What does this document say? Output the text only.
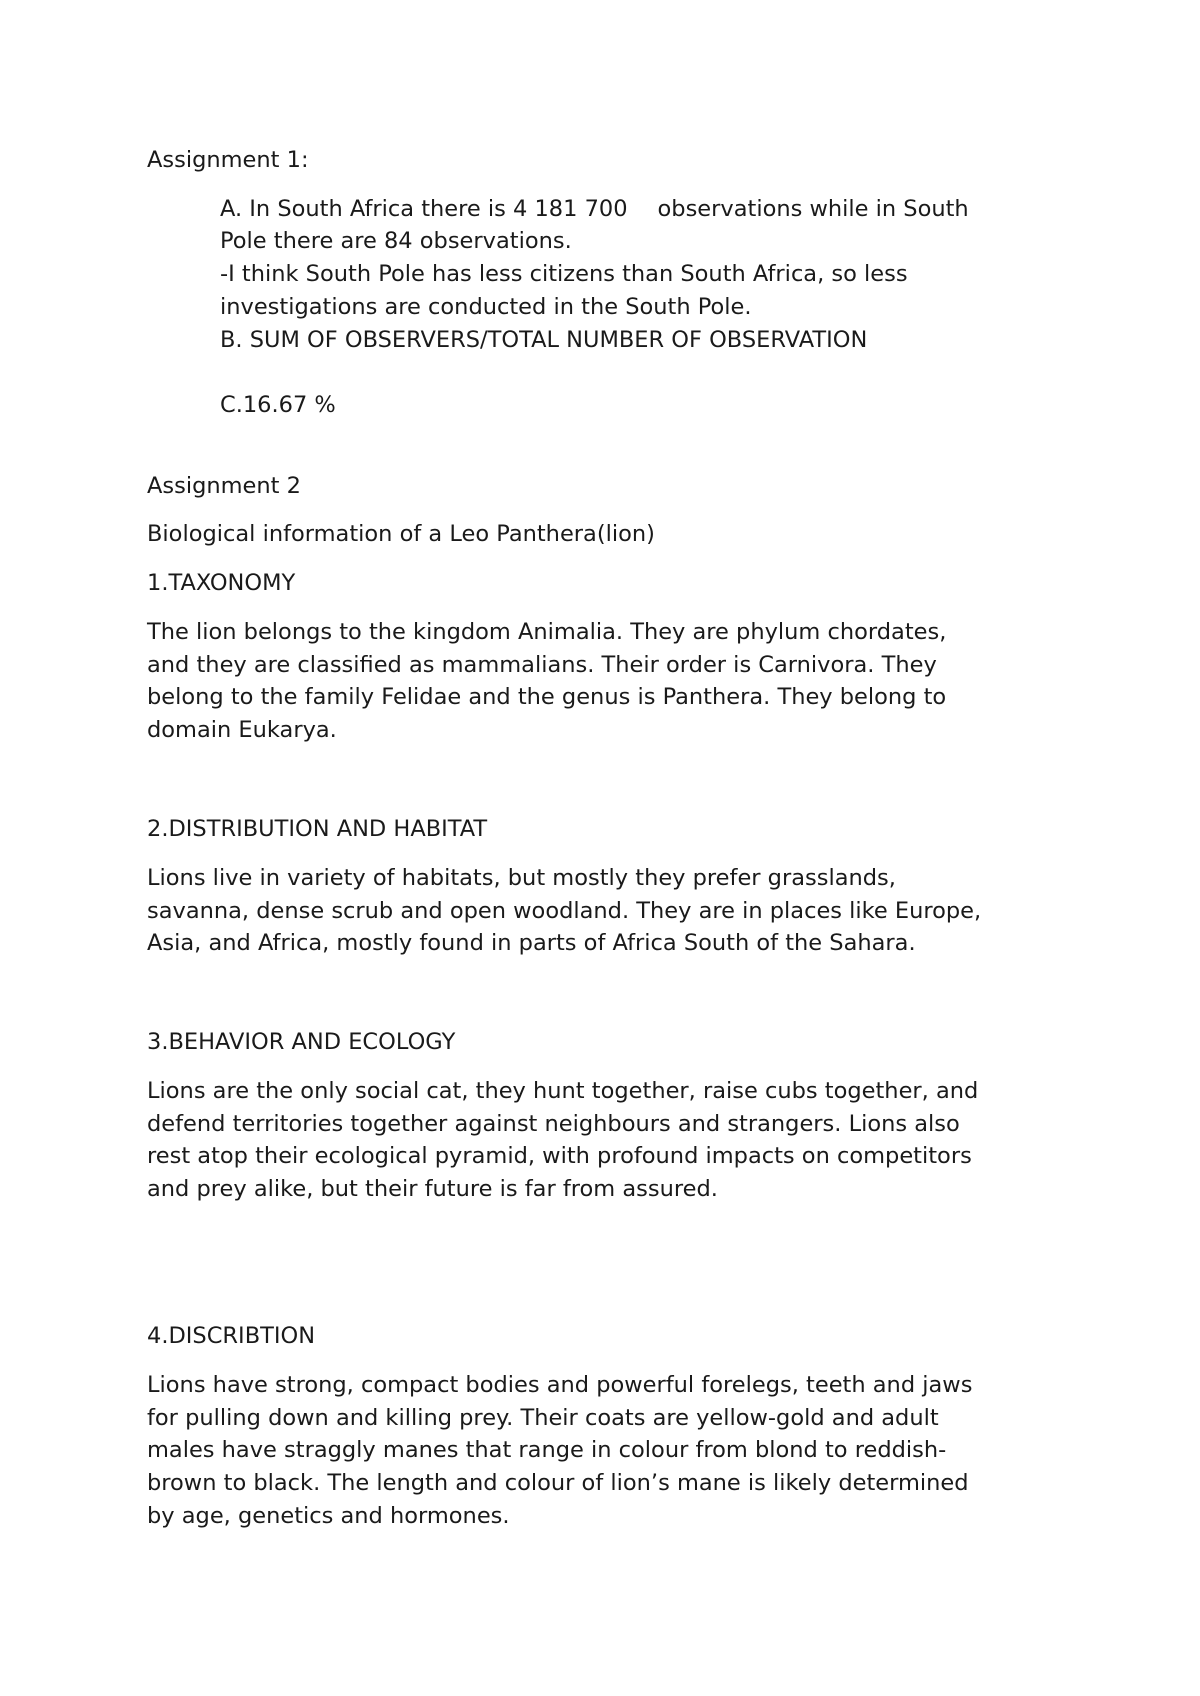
Assignment 1:
A. In South Africa there is 4 181 700 observations while in South
Pole there are 84 observations.
-I think South Pole has less citizens than South Africa, so less
investigations are conducted in the South Pole.
B. SUM OF OBSERVERS/TOTAL NUMBER OF OBSERVATION
C.16.67 %
Assignment 2
Biological information of a Leo Panthera(lion)
1.TAXONOMY
The lion belongs to the kingdom Animalia. They are phylum chordates,
and they are classified as mammalians. Their order is Carnivora. They
belong to the family Felidae and the genus is Panthera. They belong to
domain Eukarya.
2.DISTRIBUTION AND HABITAT
Lions live in variety of habitats, but mostly they prefer grasslands,
savanna, dense scrub and open woodland. They are in places like Europe,
Asia, and Africa, mostly found in parts of Africa South of the Sahara.
3.BEHAVIOR AND ECOLOGY
Lions are the only social cat, they hunt together, raise cubs together, and
defend territories together against neighbours and strangers. Lions also
rest atop their ecological pyramid, with profound impacts on competitors
and prey alike, but their future is far from assured.
4.DISCRIBTION
Lions have strong, compact bodies and powerful forelegs, teeth and jaws
for pulling down and killing prey. Their coats are yellow-gold and adult
males have straggly manes that range in colour from blond to reddish-
brown to black. The length and colour of lion’s mane is likely determined
by age, genetics and hormones.
